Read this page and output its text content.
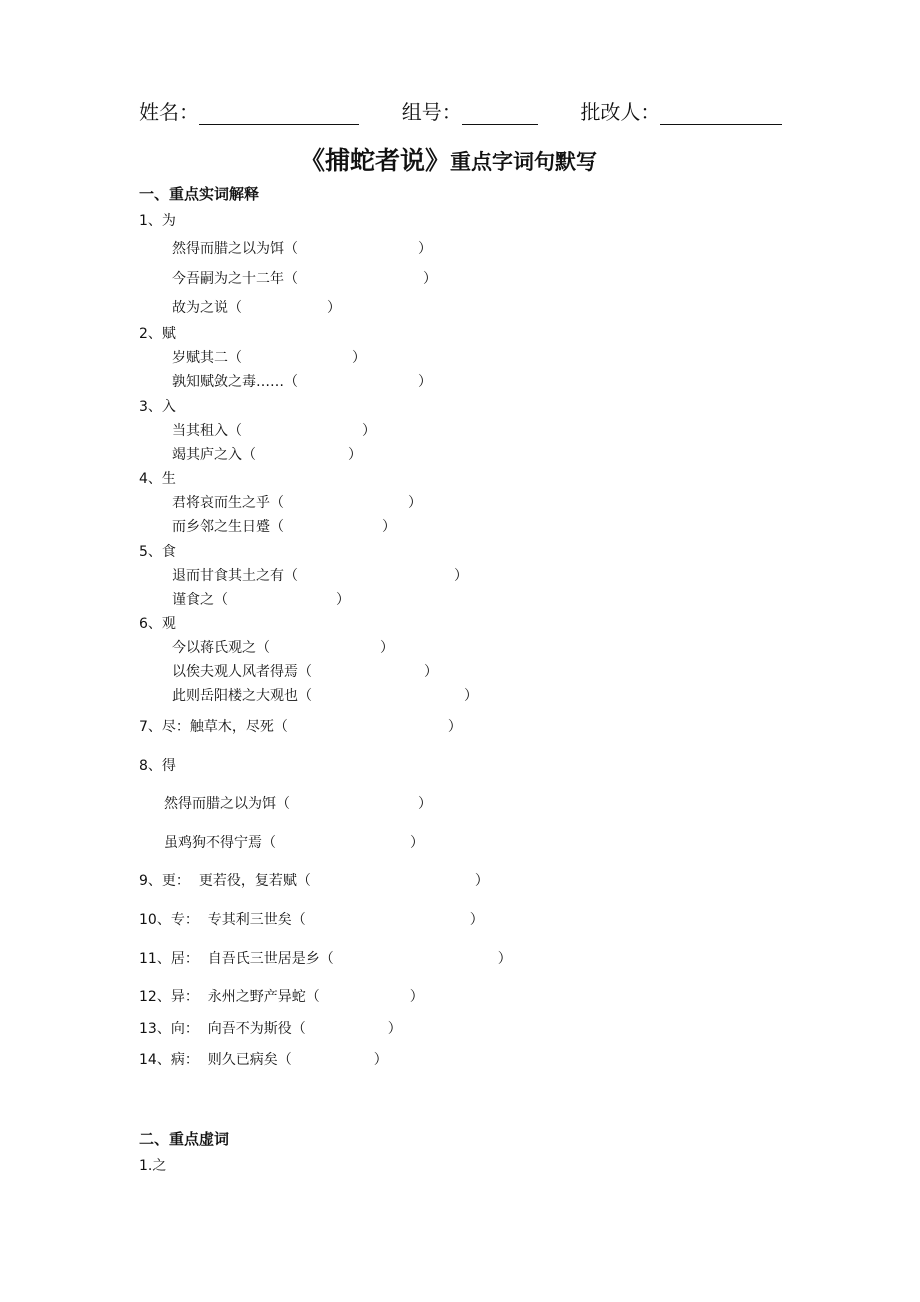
姓名：	组号：	批改人：
《捕蛇者说》重点字词句默写
一、重点实词解释
1、为
然得而腊之以为饵（	）
今吾嗣为之十二年（	）
故为之说（	）
2、赋
岁赋其二（	）
孰知赋敛之毒……（	）
3、入
当其租入（	）
竭其庐之入（	）
4、生
君将哀而生之乎（	）
而乡邻之生日蹙（	）
5、食
退而甘食其土之有（	）
谨食之（	）
6、观
今以蒋氏观之（	）
以俟夫观人风者得焉（	）
此则岳阳楼之大观也（	）
7、尽：触草木，尽死（	）
8、得
然得而腊之以为饵（	）
虽鸡狗不得宁焉（	）
9、更： 更若役，复若赋（	）
10、专： 专其利三世矣（	）
11、居： 自吾氏三世居是乡（	）
12、异： 永州之野产异蛇（	）
13、向： 向吾不为斯役（	）
14、病： 则久已病矣（	）
二、重点虚词
1.之
